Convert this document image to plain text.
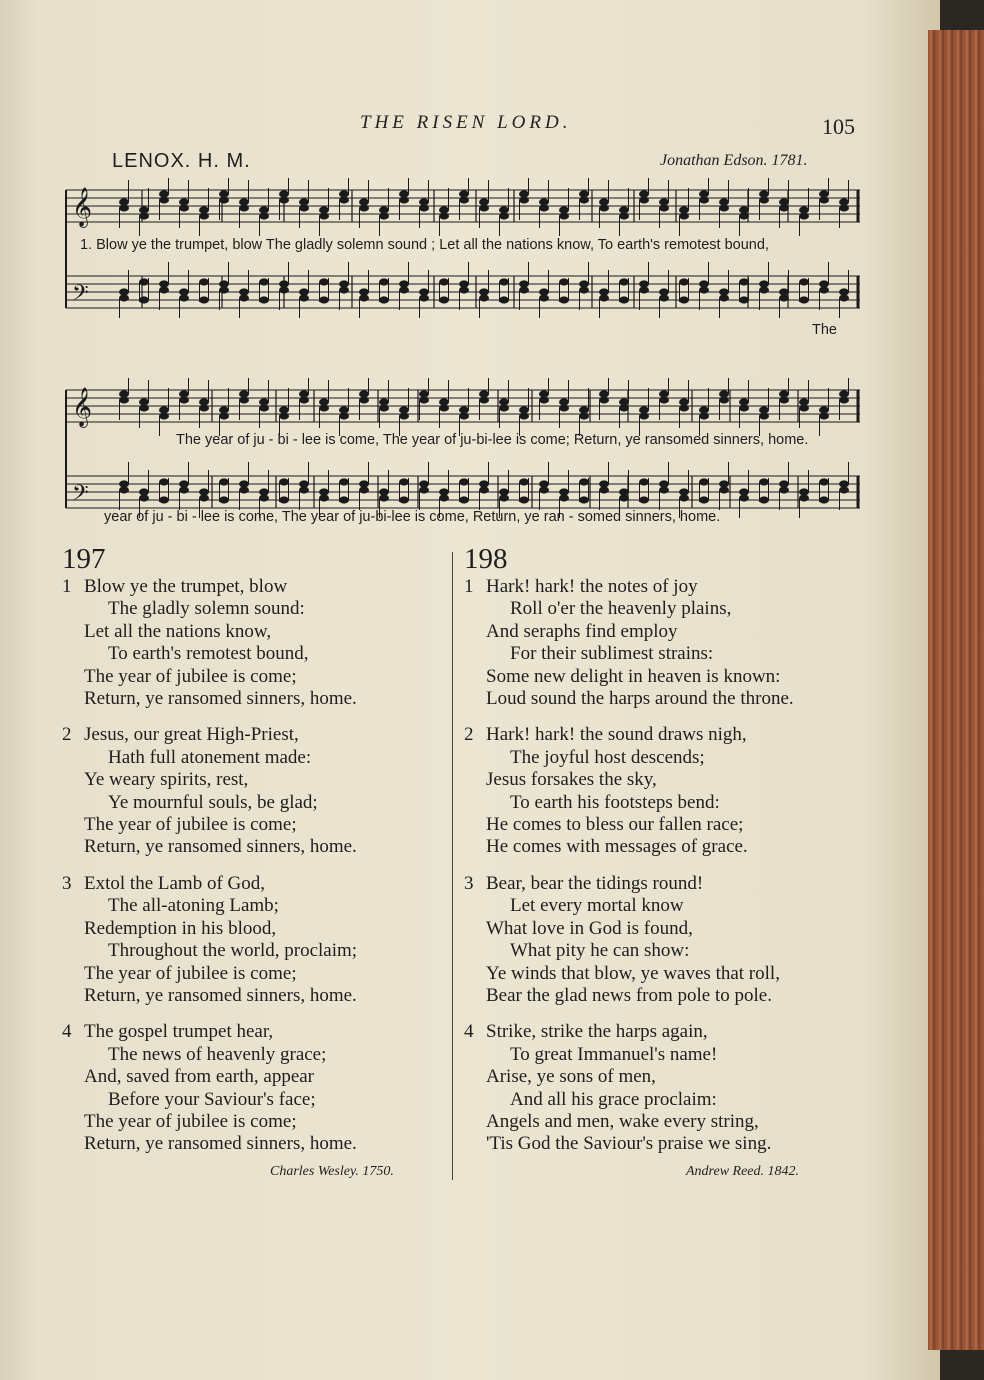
THE RISEN LORD.	105
LENOX. H. M.	Jonathan Edson. 1781.
𝄞
𝄢
1. Blow ye the trumpet, blow The gladly solemn sound ; Let all the nations know, To earth's remotest bound,
The
𝄞
𝄢
The year of ju - bi - lee is come, The year of ju-bi-lee is come; Return, ye ransomed sinners, home.
year of ju - bi - lee is come, The year of ju-bi-lee is come, Return, ye ran - somed sinners, home.
197
1 Blow ye the trumpet, blow
The gladly solemn sound:
Let all the nations know,
To earth's remotest bound,
The year of jubilee is come;
Return, ye ransomed sinners, home.
2 Jesus, our great High-Priest,
Hath full atonement made:
Ye weary spirits, rest,
Ye mournful souls, be glad;
The year of jubilee is come;
Return, ye ransomed sinners, home.
3 Extol the Lamb of God,
The all-atoning Lamb;
Redemption in his blood,
Throughout the world, proclaim;
The year of jubilee is come;
Return, ye ransomed sinners, home.
4 The gospel trumpet hear,
The news of heavenly grace;
And, saved from earth, appear
Before your Saviour's face;
The year of jubilee is come;
Return, ye ransomed sinners, home.
Charles Wesley. 1750.
198
1 Hark! hark! the notes of joy
Roll o'er the heavenly plains,
And seraphs find employ
For their sublimest strains:
Some new delight in heaven is known:
Loud sound the harps around the throne.
2 Hark! hark! the sound draws nigh,
The joyful host descends;
Jesus forsakes the sky,
To earth his footsteps bend:
He comes to bless our fallen race;
He comes with messages of grace.
3 Bear, bear the tidings round!
Let every mortal know
What love in God is found,
What pity he can show:
Ye winds that blow, ye waves that roll,
Bear the glad news from pole to pole.
4 Strike, strike the harps again,
To great Immanuel's name!
Arise, ye sons of men,
And all his grace proclaim:
Angels and men, wake every string,
'Tis God the Saviour's praise we sing.
Andrew Reed. 1842.
